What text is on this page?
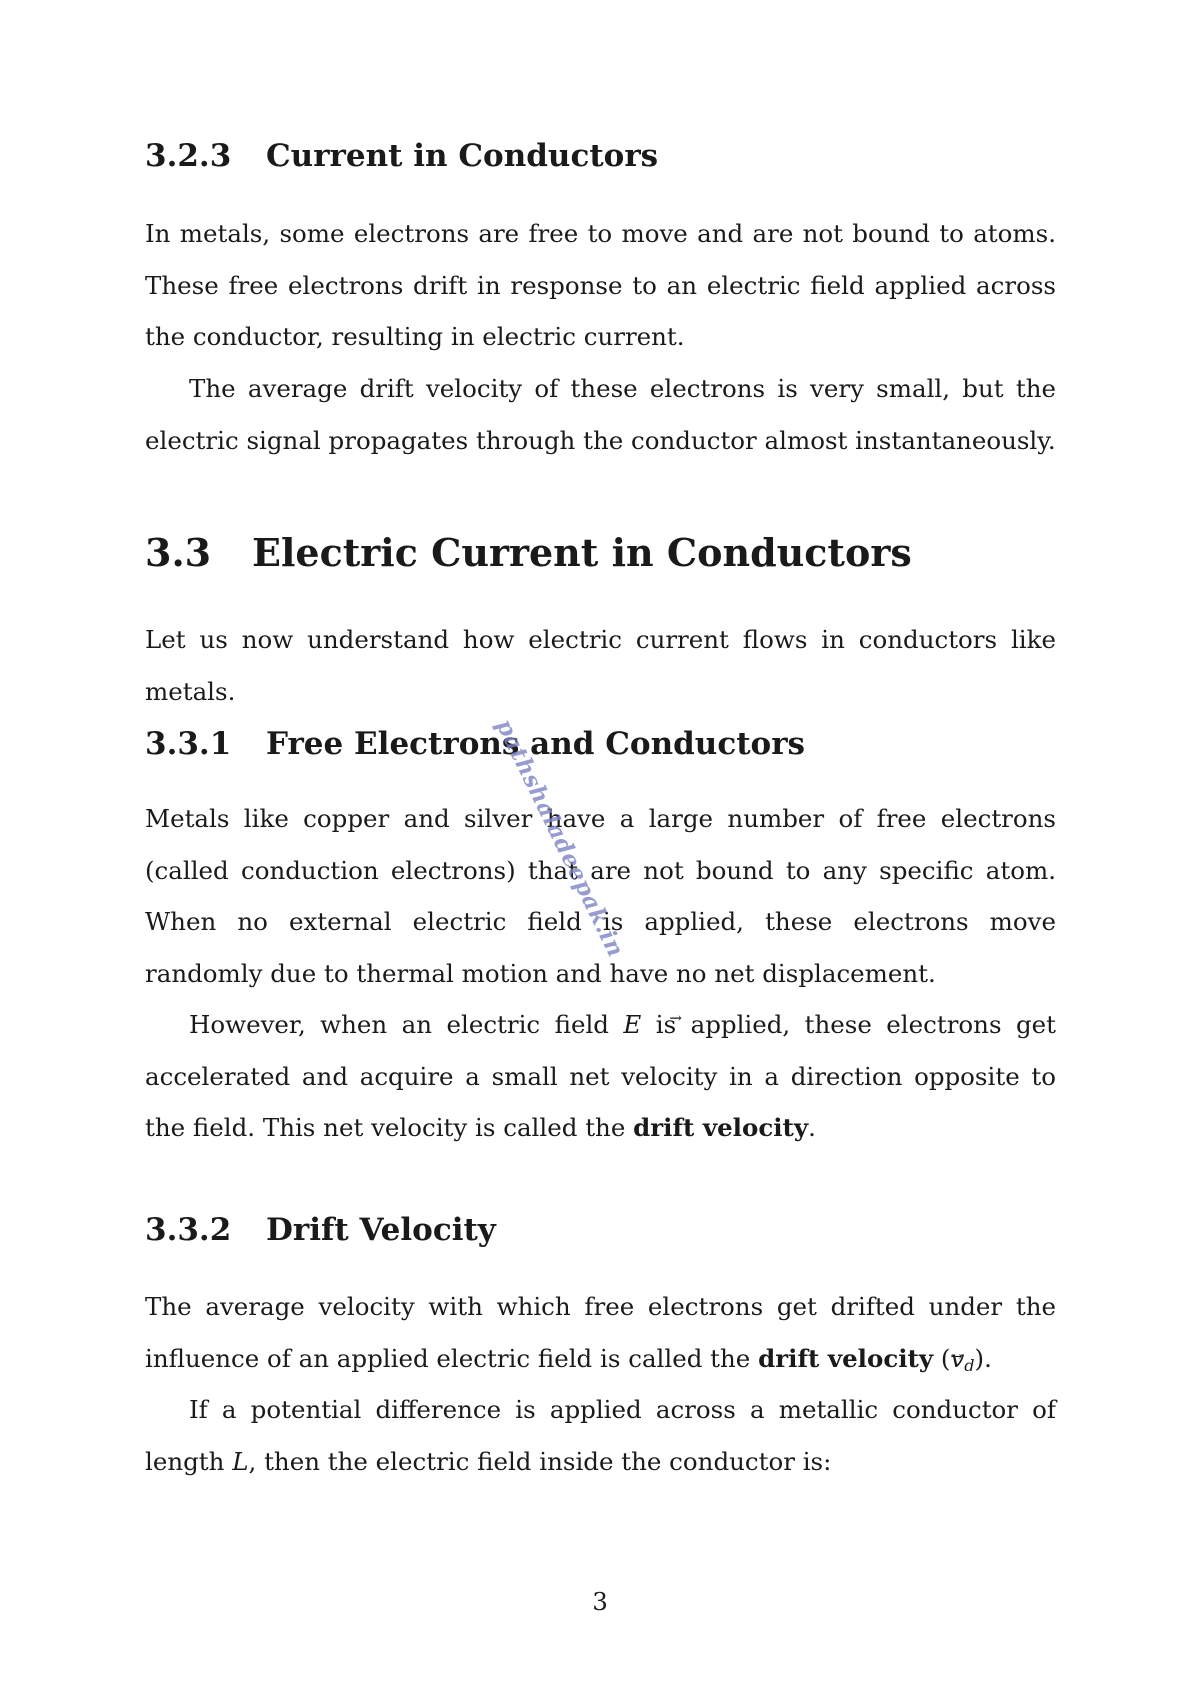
3.2.3 Current in Conductors

In metals, some electrons are free to move and are not bound to atoms. These free electrons drift in response to an electric field applied across the conductor, resulting in electric current.

The average drift velocity of these electrons is very small, but the electric signal propagates through the conductor almost instantaneously.

3.3 Electric Current in Conductors

Let us now understand how electric current flows in conductors like metals.

3.3.1 Free Electrons and Conductors

Metals like copper and silver have a large number of free electrons (called conduction electrons) that are not bound to any specific atom. When no external electric field is applied, these electrons move randomly due to thermal motion and have no net displacement.

However, when an electric field → E is applied, these electrons get accelerated and acquire a small net velocity in a direction opposite to the field. This net velocity is called the drift velocity.

3.3.2 Drift Velocity

The average velocity with which free electrons get drifted under the influence of an applied electric field is called the drift velocity (→ $v_d$).

If a potential difference is applied across a metallic conductor of length L, then the electric field inside the conductor is:

3
pathshaladeepak.in
